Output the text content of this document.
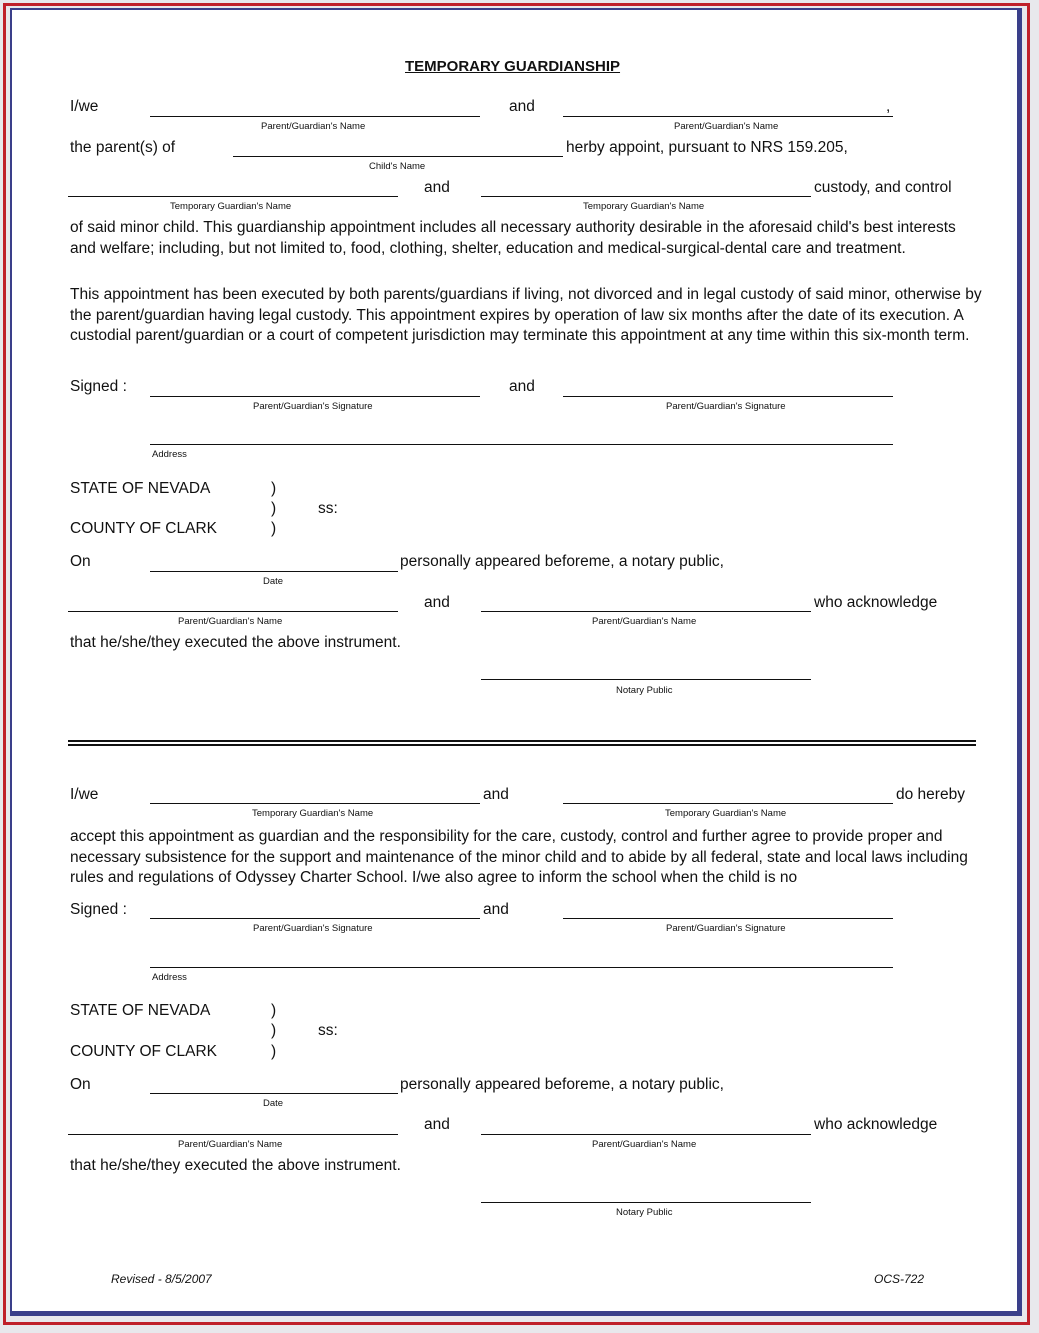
TEMPORARY GUARDIANSHIP
I/we
Parent/Guardian's Name
and	,
Parent/Guardian's Name
the parent(s) of	herby appoint, pursuant to NRS 159.205,
Child's Name
and	custody, and control
Temporary Guardian's Name	Temporary Guardian's Name
of said minor child. This guardianship appointment includes all necessary authority desirable in the aforesaid child's best interests and welfare; including, but not limited to, food, clothing, shelter, education and medical-surgical-dental care and treatment.
This appointment has been executed by both parents/guardians if living, not divorced and in legal custody of said minor, otherwise by the parent/guardian having legal custody. This appointment expires by operation of law six months after the date of its execution. A custodial parent/guardian or a court of competent jurisdiction may terminate this appointment at any time within this six-month term.
Signed :	and
Parent/Guardian's Signature	Parent/Guardian's Signature
Address
STATE OF NEVADA	)
)	ss:
COUNTY OF CLARK	)
On	personally appeared beforeme, a notary public,
Date
and	who acknowledge
Parent/Guardian's Name	Parent/Guardian's Name
that he/she/they executed the above instrument.
Notary Public
I/we	and	do hereby
Temporary Guardian's Name	Temporary Guardian's Name
accept this appointment as guardian and the responsibility for the care, custody, control and further agree to provide proper and necessary subsistence for the support and maintenance of the minor child and to abide by all federal, state and local laws including rules and regulations of Odyssey Charter School. I/we also agree to inform the school when the child is no
Signed :	and
Parent/Guardian's Signature	Parent/Guardian's Signature
Address
STATE OF NEVADA	)
)	ss:
COUNTY OF CLARK	)
On	personally appeared beforeme, a notary public,
Date
and	who acknowledge
Parent/Guardian's Name	Parent/Guardian's Name
that he/she/they executed the above instrument.
Notary Public
Revised - 8/5/2007	OCS-722
